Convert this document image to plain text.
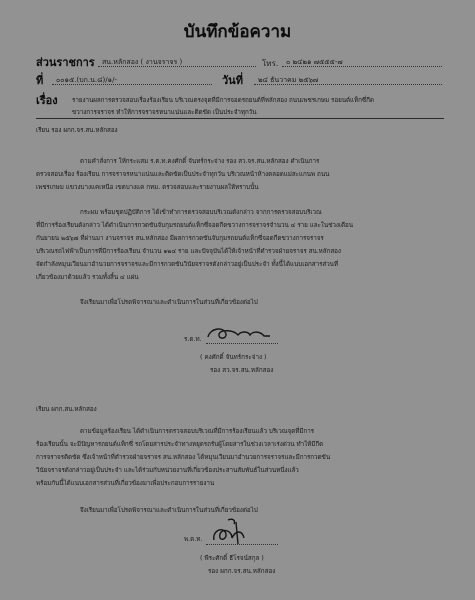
บันทึกข้อความ
ส่วนราชการ สน.หลักสอง ( งานจราจร )	โทร. ๐ ๒๔๒๑ ๗๕๕๕-๗
ที่ ๐๐๑๕.(บก.น.๘)/๑/-	วันที่ ๒๔ ธันวาคม ๒๕๖๗
เรื่อง รายงานผลการตรวจสอบเรื่องร้องเรียน บริเวณตรงจุดที่มีการจอดรถยนต์ที่หลักสอง ถนนเพชรเกษม รอยนต์แท็กซี่กีด
ขวางการจราจร ทำให้การจราจรหนาแน่นและติดขัด เป็นประจำทุกวัน
เรียน รอง ผกก.จร.สน.หลักสอง
ตามคำสั่งการ ให้กระแสม ร.ต.ท.คงศักดิ์ จันทร์กระจ่าง รอง สว.จร.สน.หลักสอง ดำเนินการ
ตรวจสอบเรื่อง ร้องเรียน การจราจรหนาแน่นและติดขัดเป็นประจำทุกวัน บริเวณหน้าห้างตลอดแม่สะแกนพ ถนน
เพชรเกษม แขวงบางแคเหนือ เขตบางแค กทม. ตรวจสอบและรายงานผลให้ทราบนั้น
กระผม พร้อมชุดปฏิบัติการ ได้เข้าทำการตรวจสอบบริเวณดังกล่าว จากการตรวจสอบบริเวณ
ที่มีการร้องเรียนดังกล่าว ได้ดำเนินการกวดขันจับกุมรถยนต์แท็กซี่จอดกีดขวางการจราจรจำนวน ๔ ราย และในช่วงเดือน
กันยายน ๒๕๖๗ ที่ผ่านมา งานจราจร สน.หลักสอง มีผลการกวดขันจับกุมรถยนต์แท็กซี่จอดกีดขวางการจราจร
บริเวณรถไฟฟ้าเป็นการที่มีการร้องเรียน จำนวน ๑๒๔ ราย และปัจจุบันได้ให้เจ้าหน้าที่ตำรวจฝ่ายจราจร สน.หลักสอง
จัดกำลังหมุนเวียนมาอำนวยการจราจรและมีการกวดขันวินัยจราจรดังกล่าวอยู่เป็นประจำ ทั้งนี้ได้แนบเอกสารส่วนที่
เกี่ยวข้องมาด้วยแล้ว รวมทั้งสิ้น ๔ แผ่น
จึงเรียนมาเพื่อโปรดพิจารณาและดำเนินการในส่วนที่เกี่ยวข้องต่อไป
ร.ต.ท.
( คงศักดิ์ จันทร์กระจ่าง )
รอง สว.จร.สน.หลักสอง
เรียน ผกก.สน.หลักสอง
ตามข้อมูลร้องเรียน ได้ดำเนินการตรวจสอบบริเวณที่มีการร้องเรียนแล้ว บริเวณจุดที่มีการ
ร้องเรียนนั้น จะมีปัญหารถยนต์แท็กซี่ รถโดยสารประจำทางหยุดรถรับผู้โดยสารในช่วงเวลาเร่งด่วน ทำให้มีกีด
การจราจรติดขัด ซึ่งเจ้าหน้าที่ตำรวจฝ่ายจราจร สน.หลักสอง ได้หมุนเวียนมาอำนวยการจราจรและมีการกวดขัน
วินัยจราจรดังกล่าวอยู่เป็นประจำ และได้ร่วมกับหน่วยงานที่เกี่ยวข้องประสานสัมพันธ์ในส่วนหนึ่งแล้ว
พร้อมกันนี้ได้แนบเอกสารส่วนที่เกี่ยวข้องมาเพื่อประกอบการรายงาน
จึงเรียนมาเพื่อโปรดพิจารณาและดำเนินการในส่วนที่เกี่ยวข้องต่อไป
พ.ต.ท.
( พีระศักดิ์ ธีโรจน์สกุล )
รอง ผกก.จร.สน.หลักสอง
